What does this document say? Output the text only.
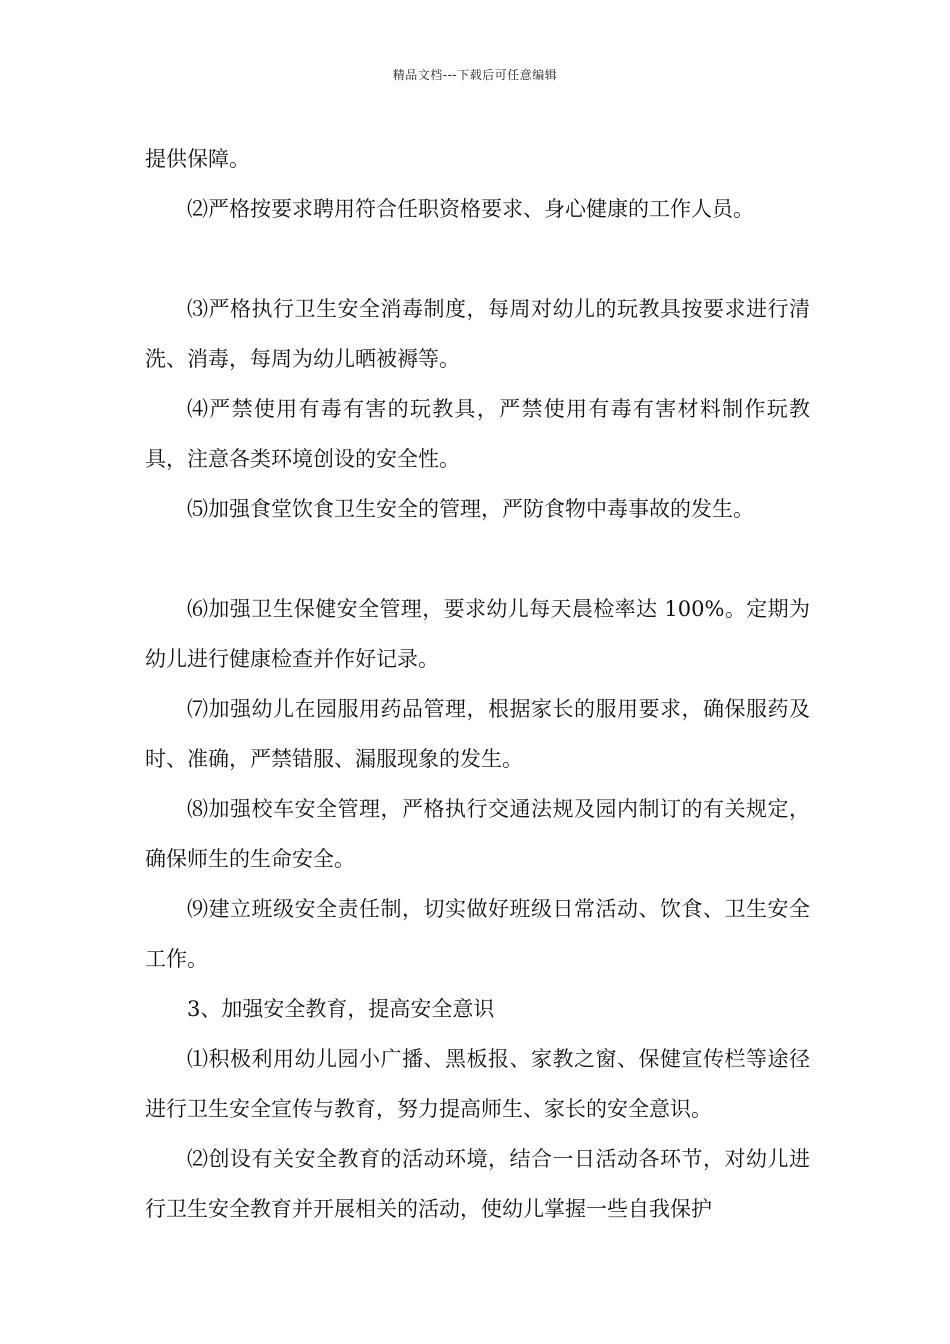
精品文档---下载后可任意编辑

提供保障。

⑵严格按要求聘用符合任职资格要求、身心健康的工作人员。

⑶严格执行卫生安全消毒制度，每周对幼儿的玩教具按要求进行清洗、消毒，每周为幼儿晒被褥等。

⑷严禁使用有毒有害的玩教具，严禁使用有毒有害材料制作玩教具，注意各类环境创设的安全性。

⑸加强食堂饮食卫生安全的管理，严防食物中毒事故的发生。

⑹加强卫生保健安全管理，要求幼儿每天晨检率达 100%。定期为幼儿进行健康检查并作好记录。

⑺加强幼儿在园服用药品管理，根据家长的服用要求，确保服药及时、准确，严禁错服、漏服现象的发生。

⑻加强校车安全管理，严格执行交通法规及园内制订的有关规定，确保师生的生命安全。

⑼建立班级安全责任制，切实做好班级日常活动、饮食、卫生安全工作。

3、加强安全教育，提高安全意识

⑴积极利用幼儿园小广播、黑板报、家教之窗、保健宣传栏等途径进行卫生安全宣传与教育，努力提高师生、家长的安全意识。

⑵创设有关安全教育的活动环境，结合一日活动各环节，对幼儿进行卫生安全教育并开展相关的活动，使幼儿掌握一些自我保护
